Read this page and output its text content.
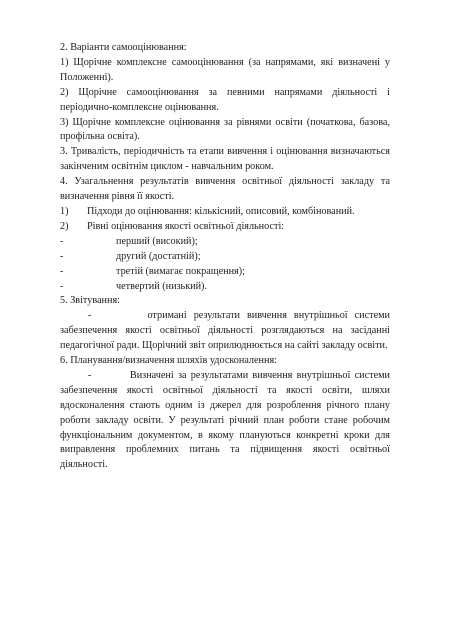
2. Варіанти самооцінювання:

1) Щорічне комплексне самооцінювання (за напрямами, які визначені у Положенні).

2) Щорічне самооцінювання за певними напрямами діяльності і періодично-комплексне оцінювання.

3) Щорічне комплексне оцінювання за рівнями освіти (початкова, базова, профільна освіта).

3. Тривалість, періодичність та етапи вивчення і оцінювання визначаються закінченим освітнім циклом - навчальним роком.

4. Узагальнення результатів вивчення освітньої діяльності закладу та визначення рівня її якості.

1)	Підходи до оцінювання: кількісний, описовий, комбінований.
2)	Рівні оцінювання якості освітньої діяльності:
-	перший (високий);
-	другий (достатній);
-	третій (вимагає покращення);
-	четвертий (низький).

5. Звітування:

-	отримані результати вивчення внутрішньої системи забезпечення якості освітньої діяльності розглядаються на засіданні педагогічної ради. Щорічний звіт оприлюднюється на сайті закладу освіти.

6. Планування/визначення шляхів удосконалення:

-	Визначені за результатами вивчення внутрішньої системи забезпечення якості освітньої діяльності та якості освіти, шляхи вдосконалення стають одним із джерел для розроблення річного плану роботи закладу освіти. У результаті річний план роботи стане робочим функціональним документом, в якому плануються конкретні кроки для виправлення проблемних питань та підвищення якості освітньої діяльності.
